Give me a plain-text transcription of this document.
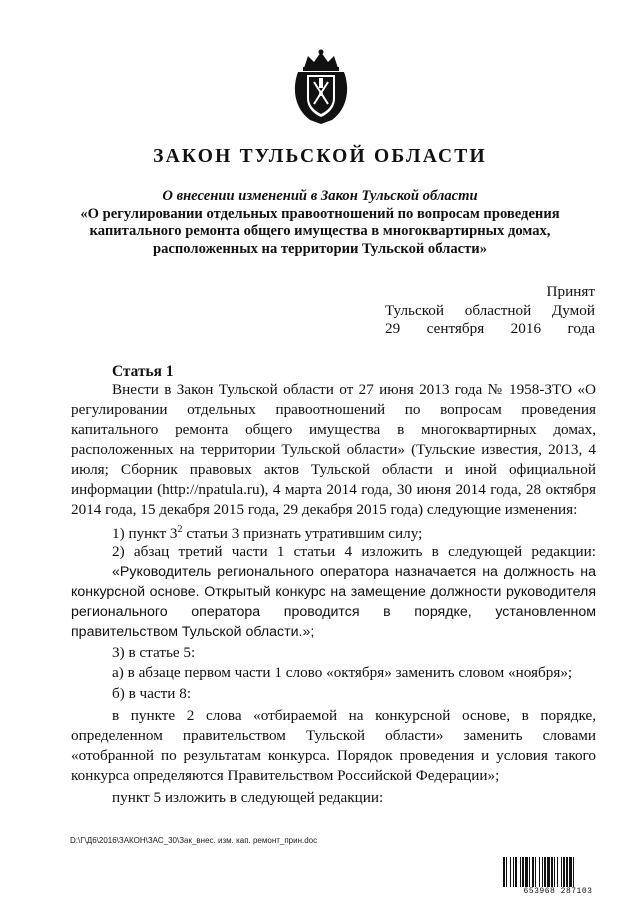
ЗАКОН ТУЛЬСКОЙ ОБЛАСТИ
О внесении изменений в Закон Тульской области
«О регулировании отдельных правоотношений по вопросам проведения
капитального ремонта общего имущества в многоквартирных домах,
расположенных на территории Тульской области»
Принят
Тульской областной Думой
29 сентября 2016 года
Статья 1
Внести в Закон Тульской области от 27 июня 2013 года № 1958-ЗТО «О регулировании отдельных правоотношений по вопросам проведения капитального ремонта общего имущества в многоквартирных домах, расположенных на территории Тульской области» (Тульские известия, 2013, 4 июля; Сборник правовых актов Тульской области и иной официальной информации (http://npatula.ru), 4 марта 2014 года, 30 июня 2014 года, 28 октября 2014 года, 15 декабря 2015 года, 29 декабря 2015 года) следующие изменения:
1) пункт $3^2$ статьи 3 признать утратившим силу;
2) абзац третий части 1 статьи 4 изложить в следующей редакции:
«Руководитель регионального оператора назначается на должность на конкурсной основе. Открытый конкурс на замещение должности руководителя регионального оператора проводится в порядке, установленном правительством Тульской области.»;
3) в статье 5:
а) в абзаце первом части 1 слово «октября» заменить словом «ноября»;
б) в части 8:
в пункте 2 слова «отбираемой на конкурсной основе, в порядке, определенном правительством Тульской области» заменить словами «отобранной по результатам конкурса. Порядок проведения и условия такого конкурса определяются Правительством Российской Федерации»;
пункт 5 изложить в следующей редакции:
D:\Г\Д6\2016\ЗАКОН\ЗАС_30\Зак_внес. изм. кап. ремонт_прин.doc
653968 287103
